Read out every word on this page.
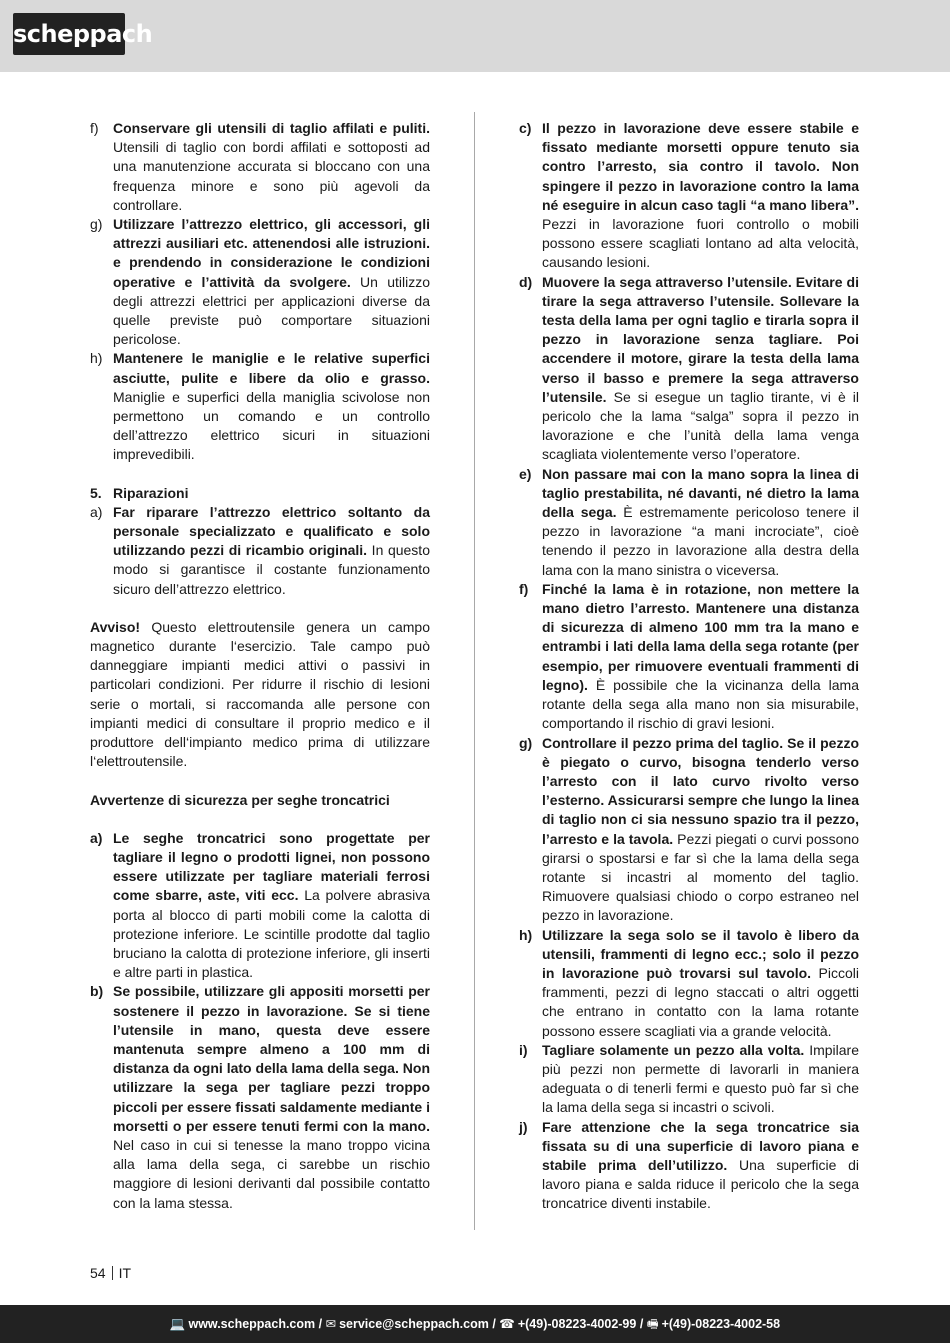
scheppach
f) Conservare gli utensili di taglio affilati e puliti. Utensili di taglio con bordi affilati e sottoposti ad una manutenzione accurata si bloccano con una frequenza minore e sono più agevoli da controllare.
g) Utilizzare l’attrezzo elettrico, gli accessori, gli attrezzi ausiliari etc. attenendosi alle istruzioni. e prendendo in considerazione le condizioni operative e l’attività da svolgere. Un utilizzo degli attrezzi elettrici per applicazioni diverse da quelle previste può comportare situazioni pericolose.
h) Mantenere le maniglie e le relative superfici asciutte, pulite e libere da olio e grasso. Maniglie e superfici della maniglia scivolose non permettono un comando e un controllo dell’attrezzo elettrico sicuri in situazioni imprevedibili.
5. Riparazioni
a) Far riparare l’attrezzo elettrico soltanto da personale specializzato e qualificato e solo utilizzando pezzi di ricambio originali. In questo modo si garantisce il costante funzionamento sicuro dell’attrezzo elettrico.
Avviso! Questo elettroutensile genera un campo magnetico durante l‘esercizio. Tale campo può danneggiare impianti medici attivi o passivi in particolari condizioni. Per ridurre il rischio di lesioni serie o mortali, si raccomanda alle persone con impianti medici di consultare il proprio medico e il produttore dell‘impianto medico prima di utilizzare l‘elettroutensile.
Avvertenze di sicurezza per seghe troncatrici
a) Le seghe troncatrici sono progettate per tagliare il legno o prodotti lignei, non possono essere utilizzate per tagliare materiali ferrosi come sbarre, aste, viti ecc. La polvere abrasiva porta al blocco di parti mobili come la calotta di protezione inferiore. Le scintille prodotte dal taglio bruciano la calotta di protezione inferiore, gli inserti e altre parti in plastica.
b) Se possibile, utilizzare gli appositi morsetti per sostenere il pezzo in lavorazione. Se si tiene l’utensile in mano, questa deve essere mantenuta sempre almeno a 100 mm di distanza da ogni lato della lama della sega. Non utilizzare la sega per tagliare pezzi troppo piccoli per essere fissati saldamente mediante i morsetti o per essere tenuti fermi con la mano. Nel caso in cui si tenesse la mano troppo vicina alla lama della sega, ci sarebbe un rischio maggiore di lesioni derivanti dal possibile contatto con la lama stessa.
c) Il pezzo in lavorazione deve essere stabile e fissato mediante morsetti oppure tenuto sia contro l’arresto, sia contro il tavolo. Non spingere il pezzo in lavorazione contro la lama né eseguire in alcun caso tagli “a mano libera”. Pezzi in lavorazione fuori controllo o mobili possono essere scagliati lontano ad alta velocità, causando lesioni.
d) Muovere la sega attraverso l’utensile. Evitare di tirare la sega attraverso l’utensile. Sollevare la testa della lama per ogni taglio e tirarla sopra il pezzo in lavorazione senza tagliare. Poi accendere il motore, girare la testa della lama verso il basso e premere la sega attraverso l’utensile. Se si esegue un taglio tirante, vi è il pericolo che la lama “salga” sopra il pezzo in lavorazione e che l’unità della lama venga scagliata violentemente verso l’operatore.
e) Non passare mai con la mano sopra la linea di taglio prestabilita, né davanti, né dietro la lama della sega. È estremamente pericoloso tenere il pezzo in lavorazione “a mani incrociate”, cioè tenendo il pezzo in lavorazione alla destra della lama con la mano sinistra o viceversa.
f) Finché la lama è in rotazione, non mettere la mano dietro l’arresto. Mantenere una distanza di sicurezza di almeno 100 mm tra la mano e entrambi i lati della lama della sega rotante (per esempio, per rimuovere eventuali frammenti di legno). È possibile che la vicinanza della lama rotante della sega alla mano non sia misurabile, comportando il rischio di gravi lesioni.
g) Controllare il pezzo prima del taglio. Se il pezzo è piegato o curvo, bisogna tenderlo verso l’arresto con il lato curvo rivolto verso l’esterno. Assicurarsi sempre che lungo la linea di taglio non ci sia nessuno spazio tra il pezzo, l’arresto e la tavola. Pezzi piegati o curvi possono girarsi o spostarsi e far sì che la lama della sega rotante si incastri al momento del taglio. Rimuovere qualsiasi chiodo o corpo estraneo nel pezzo in lavorazione.
h) Utilizzare la sega solo se il tavolo è libero da utensili, frammenti di legno ecc.; solo il pezzo in lavorazione può trovarsi sul tavolo. Piccoli frammenti, pezzi di legno staccati o altri oggetti che entrano in contatto con la lama rotante possono essere scagliati via a grande velocità.
i) Tagliare solamente un pezzo alla volta. Impilare più pezzi non permette di lavorarli in maniera adeguata o di tenerli fermi e questo può far sì che la lama della sega si incastri o scivoli.
j) Fare attenzione che la sega troncatrice sia fissata su di una superficie di lavoro piana e stabile prima dell’utilizzo. Una superficie di lavoro piana e salda riduce il pericolo che la sega troncatrice diventi instabile.
54 IT
💻 www.scheppach.com / ✉ service@scheppach.com / ☎ +(49)-08223-4002-99 / 🖷 +(49)-08223-4002-58
